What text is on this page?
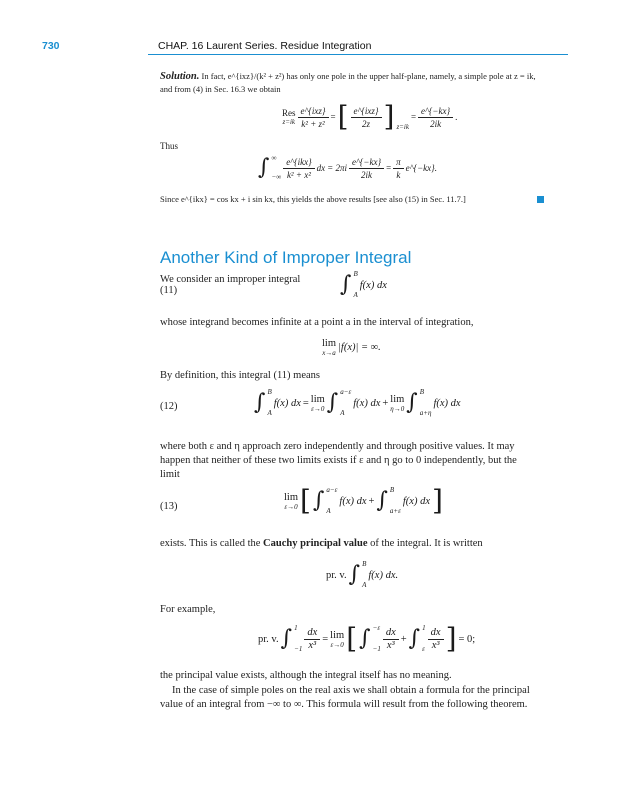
730	CHAP. 16 Laurent Series. Residue Integration
Solution. In fact, e^{ixz}/(k² + z²) has only one pole in the upper half-plane, namely, a simple pole at z = ik,
and from (4) in Sec. 16.3 we obtain
Res
$z=ik \frac{\text{e\textasciicircum{}\{ixz\}}}{\text{k² + z²}}$ = [ $\frac{\text{e\textasciicircum{}\{ixz\}}}{2z}$ ] z=ik
= $\frac{e\^{}\{-kx\}}{2ik}$ .
Thus
∫ ∞
−∞ $\frac{\text{e\textasciicircum{}\{ikx\}}}{\text{k² + x²}}$ dx = $2\pi i \frac{e\^{}\{-kx\}}{2ik} = \frac{\pi}{k}$ e^{−kx}.
Since e^{ikx} = cos kx + i sin kx, this yields the above results [see also (15) in Sec. 11.7.]
Another Kind of Improper Integral
We consider an improper integral
(11)	∫ B
A
f(x) dx
whose integrand becomes infinite at a point a in the interval of integration,
lim
x→a |f(x)| = ∞.
By definition, this integral (11) means
(12)	∫ B
A
f(x) dx = lim
ε→0 ∫ a−ε
A
f(x) dx + lim
η→0 ∫ B
a+η
f(x) dx
where both ε and η approach zero independently and through positive values. It may
happen that neither of these two limits exists if ε and η go to 0 independently, but the
limit
(13)
lim
ε→0 [ ∫ a−ε
A
f(x) dx + ∫ B
a+ε
f(x) dx ]
exists. This is called the Cauchy principal value of the integral. It is written
pr. v. ∫ B
A
f(x) dx.
For example,
pr. v. ∫ 1
$-1 \frac{dx}{\text{x³}} = \lim$
ε→0 [ ∫ −ε
$-1 \frac{dx}{\text{x³}}$ + ∫ 1
ε $\frac{dx}{\text{x³}}$ ] = 0;
the principal value exists, although the integral itself has no meaning.
In the case of simple poles on the real axis we shall obtain a formula for the principal
value of an integral from −∞ to ∞. This formula will result from the following theorem.
